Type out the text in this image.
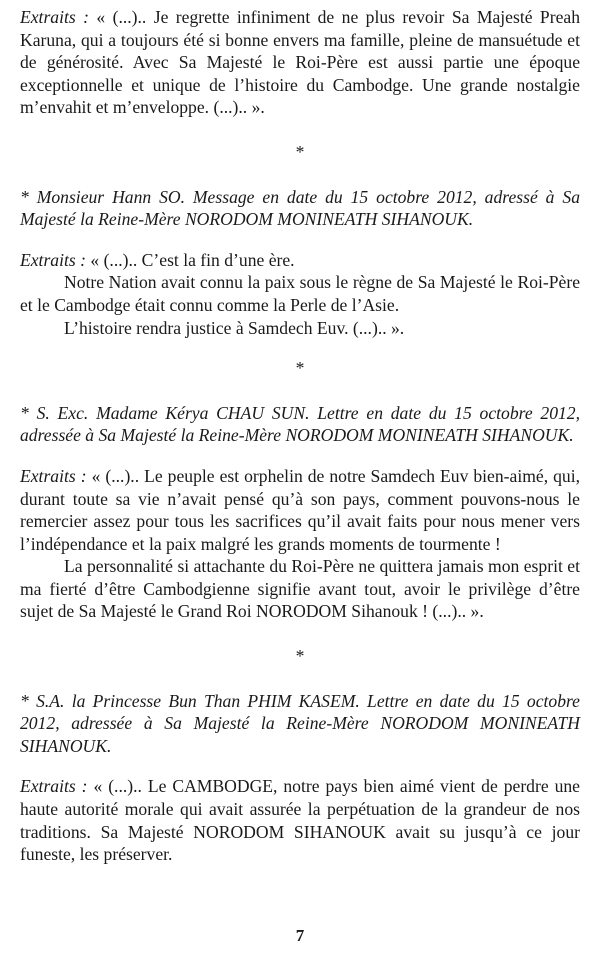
Extraits : « (...).. Je regrette infiniment de ne plus revoir Sa Majesté Preah Karuna, qui a toujours été si bonne envers ma famille, pleine de mansuétude et de générosité. Avec Sa Majesté le Roi-Père est aussi partie une époque exceptionnelle et unique de l’histoire du Cambodge. Une grande nostalgie m’envahit et m’enveloppe. (...).. ».

*

* Monsieur Hann SO. Message en date du 15 octobre 2012, adressé à Sa Majesté la Reine-Mère NORODOM MONINEATH SIHANOUK.

Extraits : « (...).. C’est la fin d’une ère.

Notre Nation avait connu la paix sous le règne de Sa Majesté le Roi-Père et le Cambodge était connu comme la Perle de l’Asie.

L’histoire rendra justice à Samdech Euv. (...).. ».

*

* S. Exc. Madame Kérya CHAU SUN. Lettre en date du 15 octobre 2012, adressée à Sa Majesté la Reine-Mère NORODOM MONINEATH SIHANOUK.

Extraits : « (...).. Le peuple est orphelin de notre Samdech Euv bien-aimé, qui, durant toute sa vie n’avait pensé qu’à son pays, comment pouvons-nous le remercier assez pour tous les sacrifices qu’il avait faits pour nous mener vers l’indépendance et la paix malgré les grands moments de tourmente !

La personnalité si attachante du Roi-Père ne quittera jamais mon esprit et ma fierté d’être Cambodgienne signifie avant tout, avoir le privilège d’être sujet de Sa Majesté le Grand Roi NORODOM Sihanouk ! (...).. ».

*

* S.A. la Princesse Bun Than PHIM KASEM. Lettre en date du 15 octobre 2012, adressée à Sa Majesté la Reine-Mère NORODOM MONINEATH SIHANOUK.

Extraits : « (...).. Le CAMBODGE, notre pays bien aimé vient de perdre une haute autorité morale qui avait assurée la perpétuation de la grandeur de nos traditions. Sa Majesté NORODOM SIHANOUK avait su jusqu’à ce jour funeste, les préserver.

7
